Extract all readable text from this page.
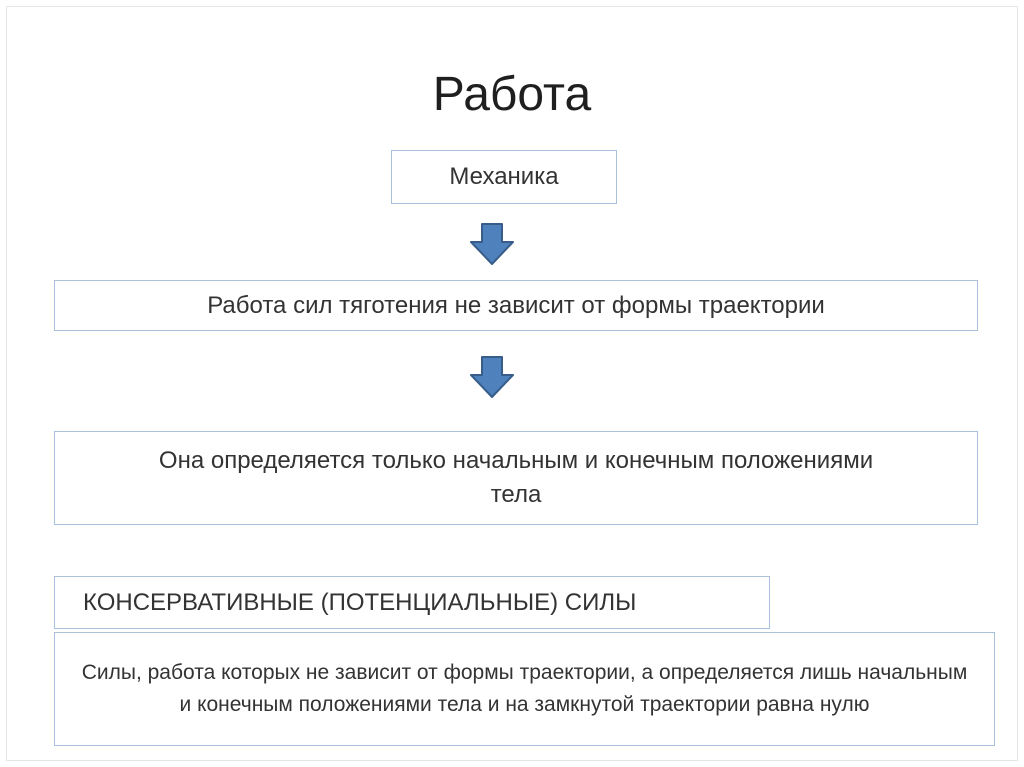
Работа
Механика
Работа сил тяготения не зависит от формы траектории
Она определяется только начальным и конечным положениями тела
КОНСЕРВАТИВНЫЕ (ПОТЕНЦИАЛЬНЫЕ) СИЛЫ
Силы, работа которых не зависит от формы траектории, а определяется лишь начальным и конечным положениями тела и на замкнутой траектории равна нулю
